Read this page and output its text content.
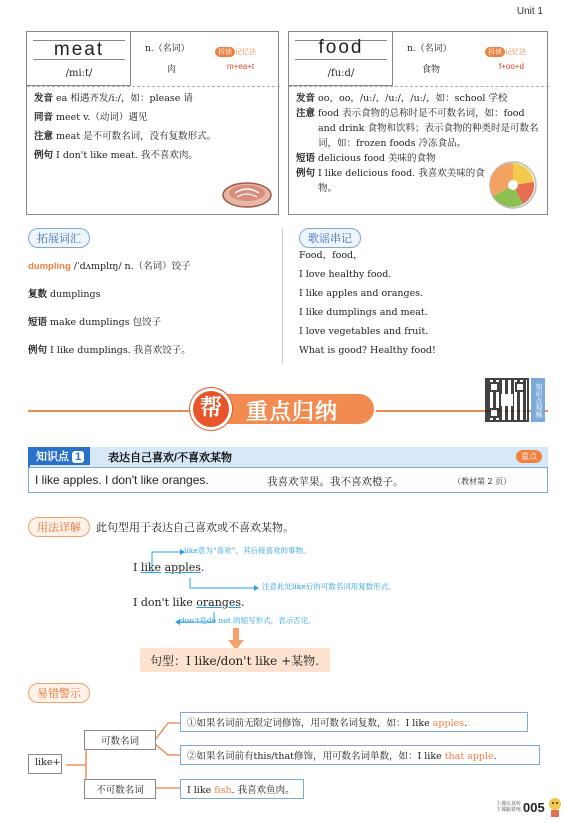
Unit 1
meat
/miːt/
n.（名词）
肉
拆读 记忆法
m+ea+t
发音 ea 相遇齐发/iː/，如：please 请
同音 meet v.（动词）遇见
注意 meat 是不可数名词，没有复数形式。
例句 I don't like meat. 我不喜欢肉。
food
/fuːd/
n.（名词）
食物
拆读 记忆法
f+oo+d
发音 oo，oo，/uː/，/uː/，/uː/，如：school 学校
注意 food 表示食物的总称时是不可数名词，如：food and drink 食物和饮料；表示食物的种类时是可数名词，如：frozen foods 冷冻食品。
短语 delicious food 美味的食物
例句 I like delicious food. 我喜欢美味的食物。
拓展词汇
dumpling /ˈdʌmplɪŋ/ n.（名词）饺子
复数 dumplings
短语 make dumplings 包饺子
例句 I like dumplings. 我喜欢饺子。
歌谣串记
Food，food，
I love healthy food.
I like apples and oranges.
I like dumplings and meat.
I love vegetables and fruit.
What is good? Healthy food!
帮	重点归纳	知识点视频
知识点 1	表达自己喜欢/不喜欢某物	重点
I like apples. I don't like oranges.	我喜欢苹果。我不喜欢橙子。	（教材第 2 页）
用法详解	此句型用于表达自己喜欢或不喜欢某物。
I like apples.
I don't like oranges.
like意为“喜欢”，其后接喜欢的事物。
注意此处like后的可数名词用复数形式。
don't是do not 的缩写形式，表示否定。
句型：I like/don't like +某物.
易错警示
like+
可数名词
不可数名词
①如果名词前无限定词修饰，用可数名词复数，如：I like apples.
②如果名词前有this/that修饰，用可数名词单数，如：I like that apple.
I like fish. 我喜欢鱼肉。
上课认真听 下课跟着练 005
